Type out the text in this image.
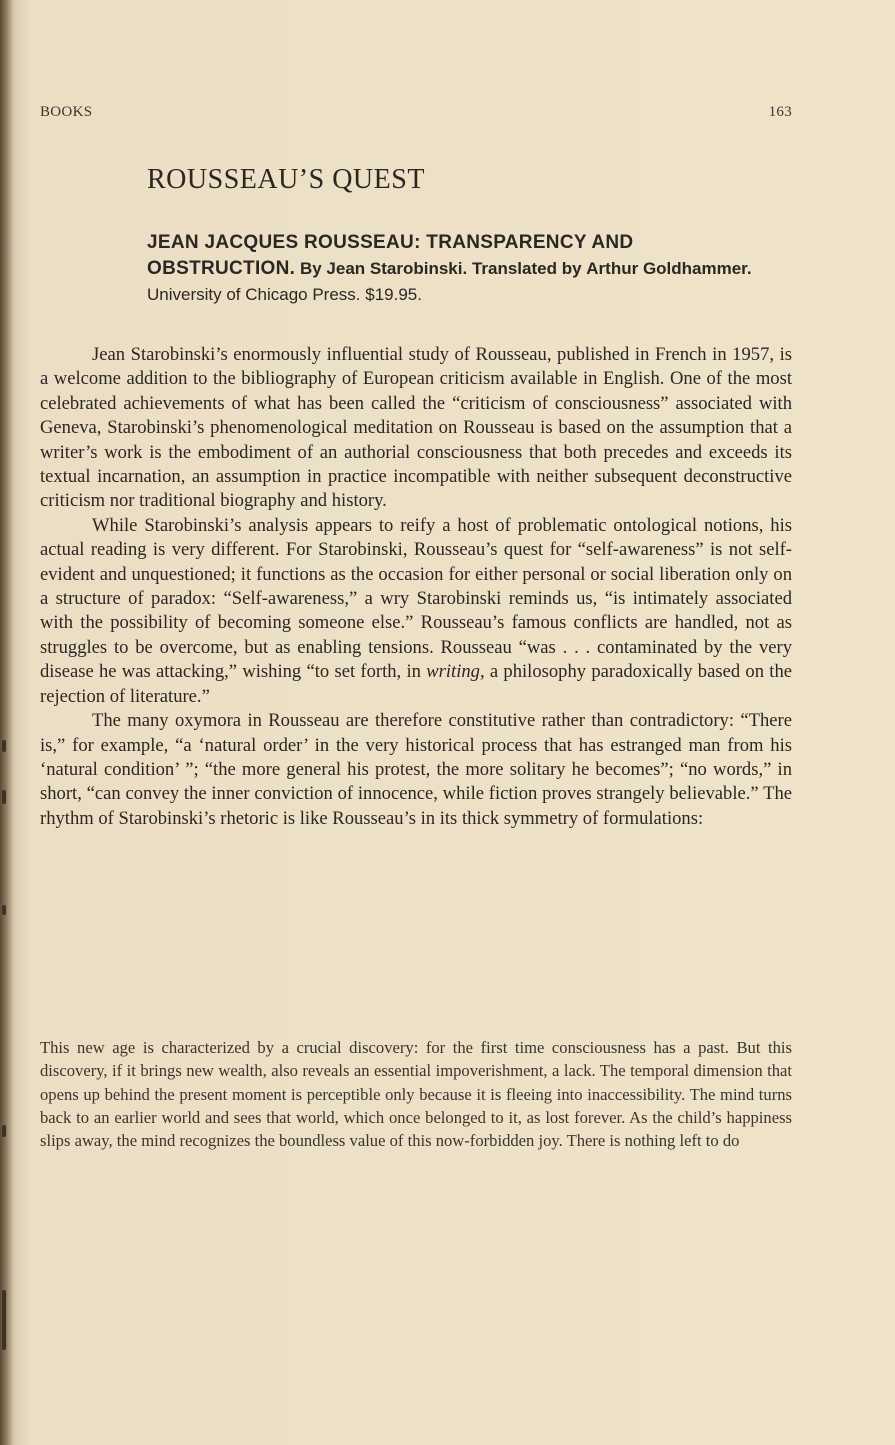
BOOKS	163
ROUSSEAU’S QUEST
JEAN JACQUES ROUSSEAU: TRANSPARENCY AND OBSTRUCTION. By Jean Starobinski. Translated by Arthur Goldhammer. University of Chicago Press. $19.95.

Jean Starobinski’s enormously influential study of Rousseau, published in French in 1957, is a welcome addition to the bibliography of European criticism available in English. One of the most celebrated achievements of what has been called the “criticism of consciousness” associated with Geneva, Starobinski’s phenomenological meditation on Rousseau is based on the assumption that a writer’s work is the embodiment of an authorial consciousness that both precedes and exceeds its textual incarnation, an assumption in practice incompatible with neither subsequent deconstructive criticism nor traditional biography and history.

While Starobinski’s analysis appears to reify a host of problematic ontological notions, his actual reading is very different. For Starobinski, Rousseau’s quest for “self-awareness” is not self-evident and unquestioned; it functions as the occasion for either personal or social liberation only on a structure of paradox: “Self-awareness,” a wry Starobinski reminds us, “is intimately associated with the possibility of becoming someone else.” Rousseau’s famous conflicts are handled, not as struggles to be overcome, but as enabling tensions. Rousseau “was . . . contaminated by the very disease he was attacking,” wishing “to set forth, in writing, a philosophy paradoxically based on the rejection of literature.”

The many oxymora in Rousseau are therefore constitutive rather than contradictory: “There is,” for example, “a ‘natural order’ in the very historical process that has estranged man from his ‘natural condition’ ”; “the more general his protest, the more solitary he becomes”; “no words,” in short, “can convey the inner conviction of innocence, while fiction proves strangely believable.” The rhythm of Starobinski’s rhetoric is like Rousseau’s in its thick symmetry of formulations:

This new age is characterized by a crucial discovery: for the first time consciousness has a past. But this discovery, if it brings new wealth, also reveals an essential impoverishment, a lack. The temporal dimension that opens up behind the present moment is perceptible only because it is fleeing into inaccessibility. The mind turns back to an earlier world and sees that world, which once belonged to it, as lost forever. As the child’s happiness slips away, the mind recognizes the boundless value of this now-forbidden joy. There is nothing left to do
